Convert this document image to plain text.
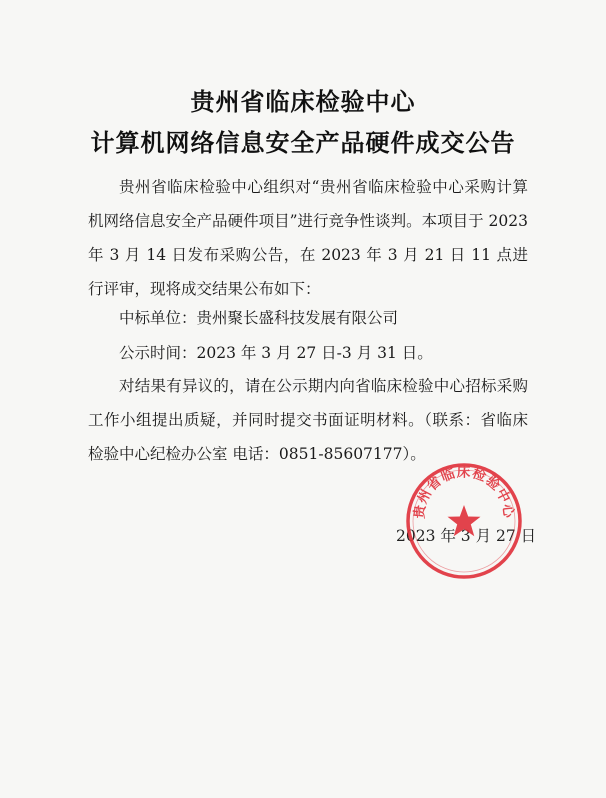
贵州省临床检验中心
计算机网络信息安全产品硬件成交公告

贵州省临床检验中心组织对“贵州省临床检验中心采购计算机网络信息安全产品硬件项目”进行竞争性谈判。本项目于 2023 年 3 月 14 日发布采购公告，在 2023 年 3 月 21 日 11 点进行评审，现将成交结果公布如下：

中标单位：贵州聚长盛科技发展有限公司
公示时间：2023 年 3 月 27 日-3 月 31 日。

对结果有异议的，请在公示期内向省临床检验中心招标采购工作小组提出质疑，并同时提交书面证明材料。（联系：省临床检验中心纪检办公室 电话：0851-85607177）。

2023 年 3 月 27 日
贵州省临床检验中心
